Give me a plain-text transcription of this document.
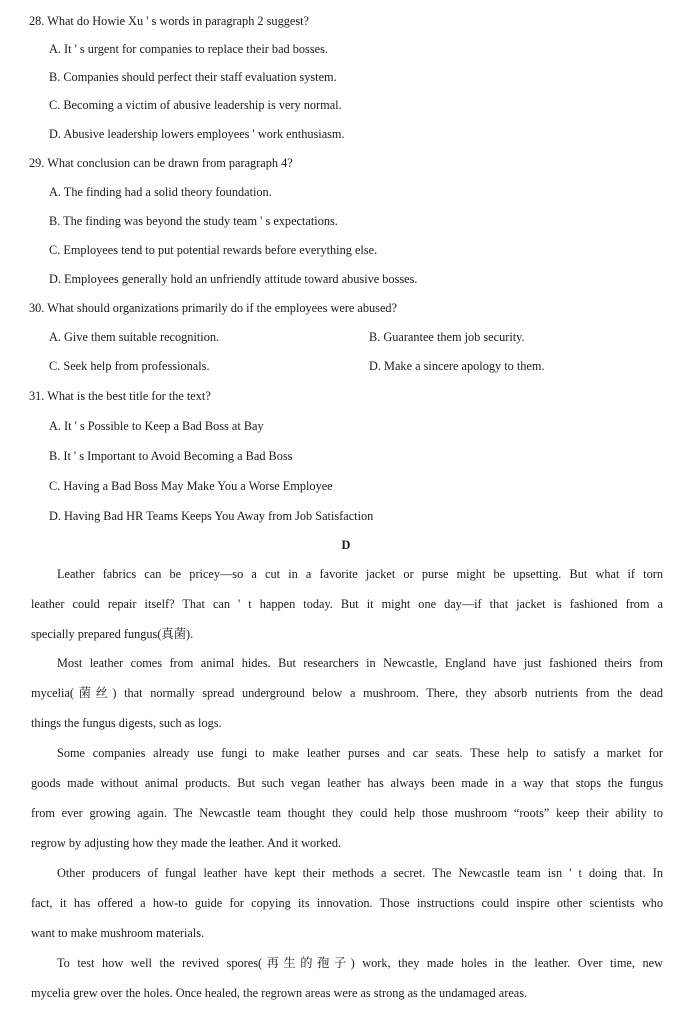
28. What do Howie Xu ' s words in paragraph 2 suggest?
A. It ' s urgent for companies to replace their bad bosses.
B. Companies should perfect their staff evaluation system.
C. Becoming a victim of abusive leadership is very normal.
D. Abusive leadership lowers employees ' work enthusiasm.
29. What conclusion can be drawn from paragraph 4?
A. The finding had a solid theory foundation.
B. The finding was beyond the study team ' s expectations.
C. Employees tend to put potential rewards before everything else.
D. Employees generally hold an unfriendly attitude toward abusive bosses.
30. What should organizations primarily do if the employees were abused?
A. Give them suitable recognition.	B. Guarantee them job security.
C. Seek help from professionals.	D. Make a sincere apology to them.
31. What is the best title for the text?
A. It ' s Possible to Keep a Bad Boss at Bay
B. It ' s Important to Avoid Becoming a Bad Boss
C. Having a Bad Boss May Make You a Worse Employee
D. Having Bad HR Teams Keeps You Away from Job Satisfaction
D
Leather fabrics can be pricey—so a cut in a favorite jacket or purse might be upsetting. But what if torn
leather could repair itself? That can ' t happen today. But it might one day—if that jacket is fashioned from a
specially prepared fungus(真菌).
Most leather comes from animal hides. But researchers in Newcastle, England have just fashioned theirs from
mycelia(菌丝) that normally spread underground below a mushroom. There, they absorb nutrients from the dead
things the fungus digests, such as logs.
Some companies already use fungi to make leather purses and car seats. These help to satisfy a market for
goods made without animal products. But such vegan leather has always been made in a way that stops the fungus
from ever growing again. The Newcastle team thought they could help those mushroom “roots” keep their ability to
regrow by adjusting how they made the leather. And it worked.
Other producers of fungal leather have kept their methods a secret. The Newcastle team isn ' t doing that. In
fact, it has offered a how-to guide for copying its innovation. Those instructions could inspire other scientists who
want to make mushroom materials.
To test how well the revived spores(再生的孢子) work, they made holes in the leather. Over time, new
mycelia grew over the holes. Once healed, the regrown areas were as strong as the undamaged areas.
